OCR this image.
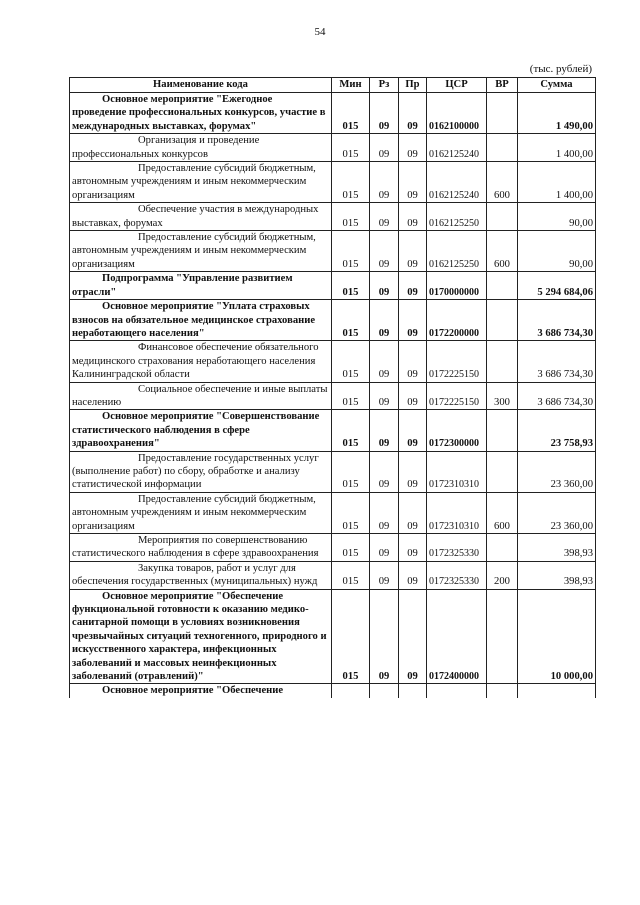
54
(тыс. рублей)
Наименование кода	Мин	Рз	Пр	ЦСР	ВР	Сумма
Основное мероприятие "Ежегодное проведение профессиональных конкурсов, участие в международных выставках, форумах"	015	09	09	0162100000		1 490,00
Организация и проведение профессиональных конкурсов	015	09	09	0162125240		1 400,00
Предоставление субсидий бюджетным, автономным учреждениям и иным некоммерческим организациям	015	09	09	0162125240	600	1 400,00
Обеспечение участия в международных выставках, форумах	015	09	09	0162125250		90,00
Предоставление субсидий бюджетным, автономным учреждениям и иным некоммерческим организациям	015	09	09	0162125250	600	90,00
Подпрограмма "Управление развитием отрасли"	015	09	09	0170000000		5 294 684,06
Основное мероприятие "Уплата страховых взносов на обязательное медицинское страхование неработающего населения"	015	09	09	0172200000		3 686 734,30
Финансовое обеспечение обязательного медицинского страхования неработающего населения Калининградской области	015	09	09	0172225150		3 686 734,30
Социальное обеспечение и иные выплаты населению	015	09	09	0172225150	300	3 686 734,30
Основное мероприятие "Совершенствование статистического наблюдения в сфере здравоохранения"	015	09	09	0172300000		23 758,93
Предоставление государственных услуг (выполнение работ) по сбору, обработке и анализу статистической информации	015	09	09	0172310310		23 360,00
Предоставление субсидий бюджетным, автономным учреждениям и иным некоммерческим организациям	015	09	09	0172310310	600	23 360,00
Мероприятия по совершенствованию статистического наблюдения в сфере здравоохранения	015	09	09	0172325330		398,93
Закупка товаров, работ и услуг для обеспечения государственных (муниципальных) нужд	015	09	09	0172325330	200	398,93
Основное мероприятие "Обеспечение функциональной готовности к оказанию медико-санитарной помощи в условиях возникновения чрезвычайных ситуаций техногенного, природного и искусственного характера, инфекционных заболеваний и массовых неинфекционных заболеваний (отравлений)"	015	09	09	0172400000		10 000,00
Основное мероприятие "Обеспечение						
